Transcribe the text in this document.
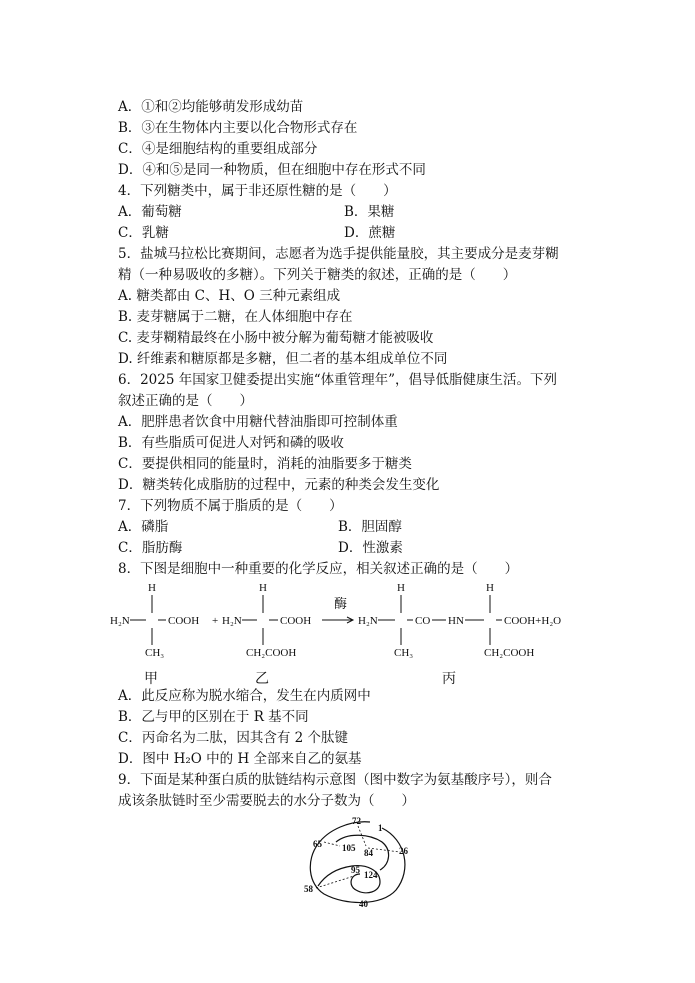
A．①和②均能够萌发形成幼苗
B．③在生物体内主要以化合物形式存在
C．④是细胞结构的重要组成部分
D．④和⑤是同一种物质，但在细胞中存在形式不同
4．下列糖类中，属于非还原性糖的是（　　）
A．葡萄糖	B．果糖
C．乳糖	D．蔗糖
5．盐城马拉松比赛期间，志愿者为选手提供能量胶，其主要成分是麦芽糊
精（一种易吸收的多糖）。下列关于糖类的叙述，正确的是（　　）
A. 糖类都由 C、H、O 三种元素组成
B. 麦芽糖属于二糖，在人体细胞中存在
C. 麦芽糊精最终在小肠中被分解为葡萄糖才能被吸收
D. 纤维素和糖原都是多糖，但二者的基本组成单位不同
6．2025 年国家卫健委提出实施“体重管理年”，倡导低脂健康生活。下列
叙述正确的是（　　）
A．肥胖患者饮食中用糖代替油脂即可控制体重
B．有些脂质可促进人对钙和磷的吸收
C．要提供相同的能量时，消耗的油脂要多于糖类
D．糖类转化成脂肪的过程中，元素的种类会发生变化
7．下列物质不属于脂质的是（　　）
A．磷脂	B．胆固醇
C．脂肪酶	D．性激素
8．下图是细胞中一种重要的化学反应，相关叙述正确的是（　　）
H
H₂N	COOH
CH₃
+
H
H₂N	COOH
CH₂COOH
酶
H
H₂N	CO HN
CH₃
H
COOH+H₂O
CH₂COOH
甲	乙	丙
A．此反应称为脱水缩合，发生在内质网中
B．乙与甲的区别在于 R 基不同
C．丙命名为二肽，因其含有 2 个肽键
D．图中 H₂O 中的 H 全部来自乙的氨基
9．下面是某种蛋白质的肽链结构示意图（图中数字为氨基酸序号），则合
成该条肽链时至少需要脱去的水分子数为（　　）
72
1
65 105 84	26
95 124
58
40
